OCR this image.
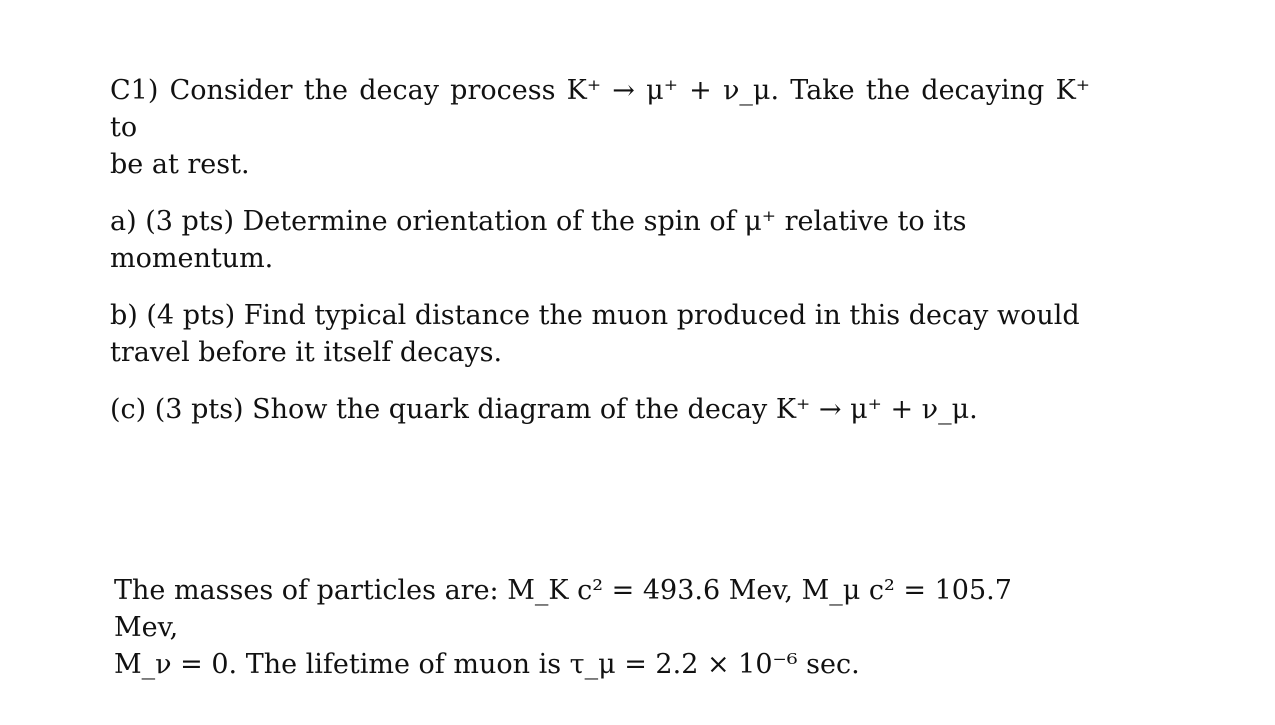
C1) Consider the decay process K⁺ → μ⁺ + ν_μ. Take the decaying K⁺ to
be at rest.

a) (3 pts) Determine orientation of the spin of μ⁺ relative to its momentum.

b) (4 pts) Find typical distance the muon produced in this decay would
travel before it itself decays.

(c) (3 pts) Show the quark diagram of the decay K⁺ → μ⁺ + ν_μ.

The masses of particles are: M_K c² = 493.6 Mev, M_μ c² = 105.7 Mev,

M_ν = 0. The lifetime of muon is τ_μ = 2.2 × 10⁻⁶ sec.
